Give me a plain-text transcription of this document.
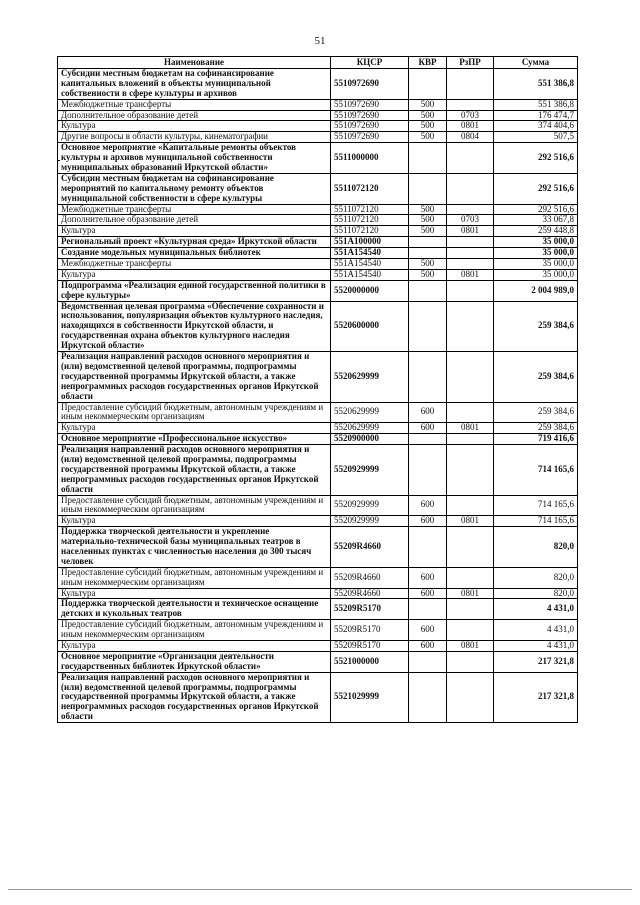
51
Наименование	КЦСР	КВР	РзПР	Сумма
Субсидии местным бюджетам на софинансирование капитальных вложений в объекты муниципальной собственности в сфере культуры и архивов	5510972690			551 386,8
Межбюджетные трансферты	5510972690	500		551 386,8
Дополнительное образование детей	5510972690	500	0703	176 474,7
Культура	5510972690	500	0801	374 404,6
Другие вопросы в области культуры, кинематографии	5510972690	500	0804	507,5
Основное мероприятие «Капитальные ремонты объектов культуры и архивов муниципальной собственности муниципальных образований Иркутской области»	5511000000			292 516,6
Субсидии местным бюджетам на софинансирование мероприятий по капитальному ремонту объектов муниципальной собственности в сфере культуры	5511072120			292 516,6
Межбюджетные трансферты	5511072120	500		292 516,6
Дополнительное образование детей	5511072120	500	0703	33 067,8
Культура	5511072120	500	0801	259 448,8
Региональный проект «Культурная среда» Иркутской области	551A100000			35 000,0
Создание модельных муниципальных библиотек	551A154540			35 000,0
Межбюджетные трансферты	551A154540	500		35 000,0
Культура	551A154540	500	0801	35 000,0
Подпрограмма «Реализация единой государственной политики в сфере культуры»	5520000000			2 004 989,0
Ведомственная целевая программа «Обеспечение сохранности и использования, популяризация объектов культурного наследия, находящихся в собственности Иркутской области, и государственная охрана объектов культурного наследия Иркутской области»	5520600000			259 384,6
Реализация направлений расходов основного мероприятия и (или) ведомственной целевой программы, подпрограммы государственной программы Иркутской области, а также непрограммных расходов государственных органов Иркутской области	5520629999			259 384,6
Предоставление субсидий бюджетным, автономным учреждениям и иным некоммерческим организациям	5520629999	600		259 384,6
Культура	5520629999	600	0801	259 384,6
Основное мероприятие «Профессиональное искусство»	5520900000			719 416,6
Реализация направлений расходов основного мероприятия и (или) ведомственной целевой программы, подпрограммы государственной программы Иркутской области, а также непрограммных расходов государственных органов Иркутской области	5520929999			714 165,6
Предоставление субсидий бюджетным, автономным учреждениям и иным некоммерческим организациям	5520929999	600		714 165,6
Культура	5520929999	600	0801	714 165,6
Поддержка творческой деятельности и укрепление материально-технической базы муниципальных театров в населенных пунктах с численностью населения до 300 тысяч человек	55209R4660			820,0
Предоставление субсидий бюджетным, автономным учреждениям и иным некоммерческим организациям	55209R4660	600		820,0
Культура	55209R4660	600	0801	820,0
Поддержка творческой деятельности и техническое оснащение детских и кукольных театров	55209R5170			4 431,0
Предоставление субсидий бюджетным, автономным учреждениям и иным некоммерческим организациям	55209R5170	600		4 431,0
Культура	55209R5170	600	0801	4 431,0
Основное мероприятие «Организация деятельности государственных библиотек Иркутской области»	5521000000			217 321,8
Реализация направлений расходов основного мероприятия и (или) ведомственной целевой программы, подпрограммы государственной программы Иркутской области, а также непрограммных расходов государственных органов Иркутской области	5521029999			217 321,8
